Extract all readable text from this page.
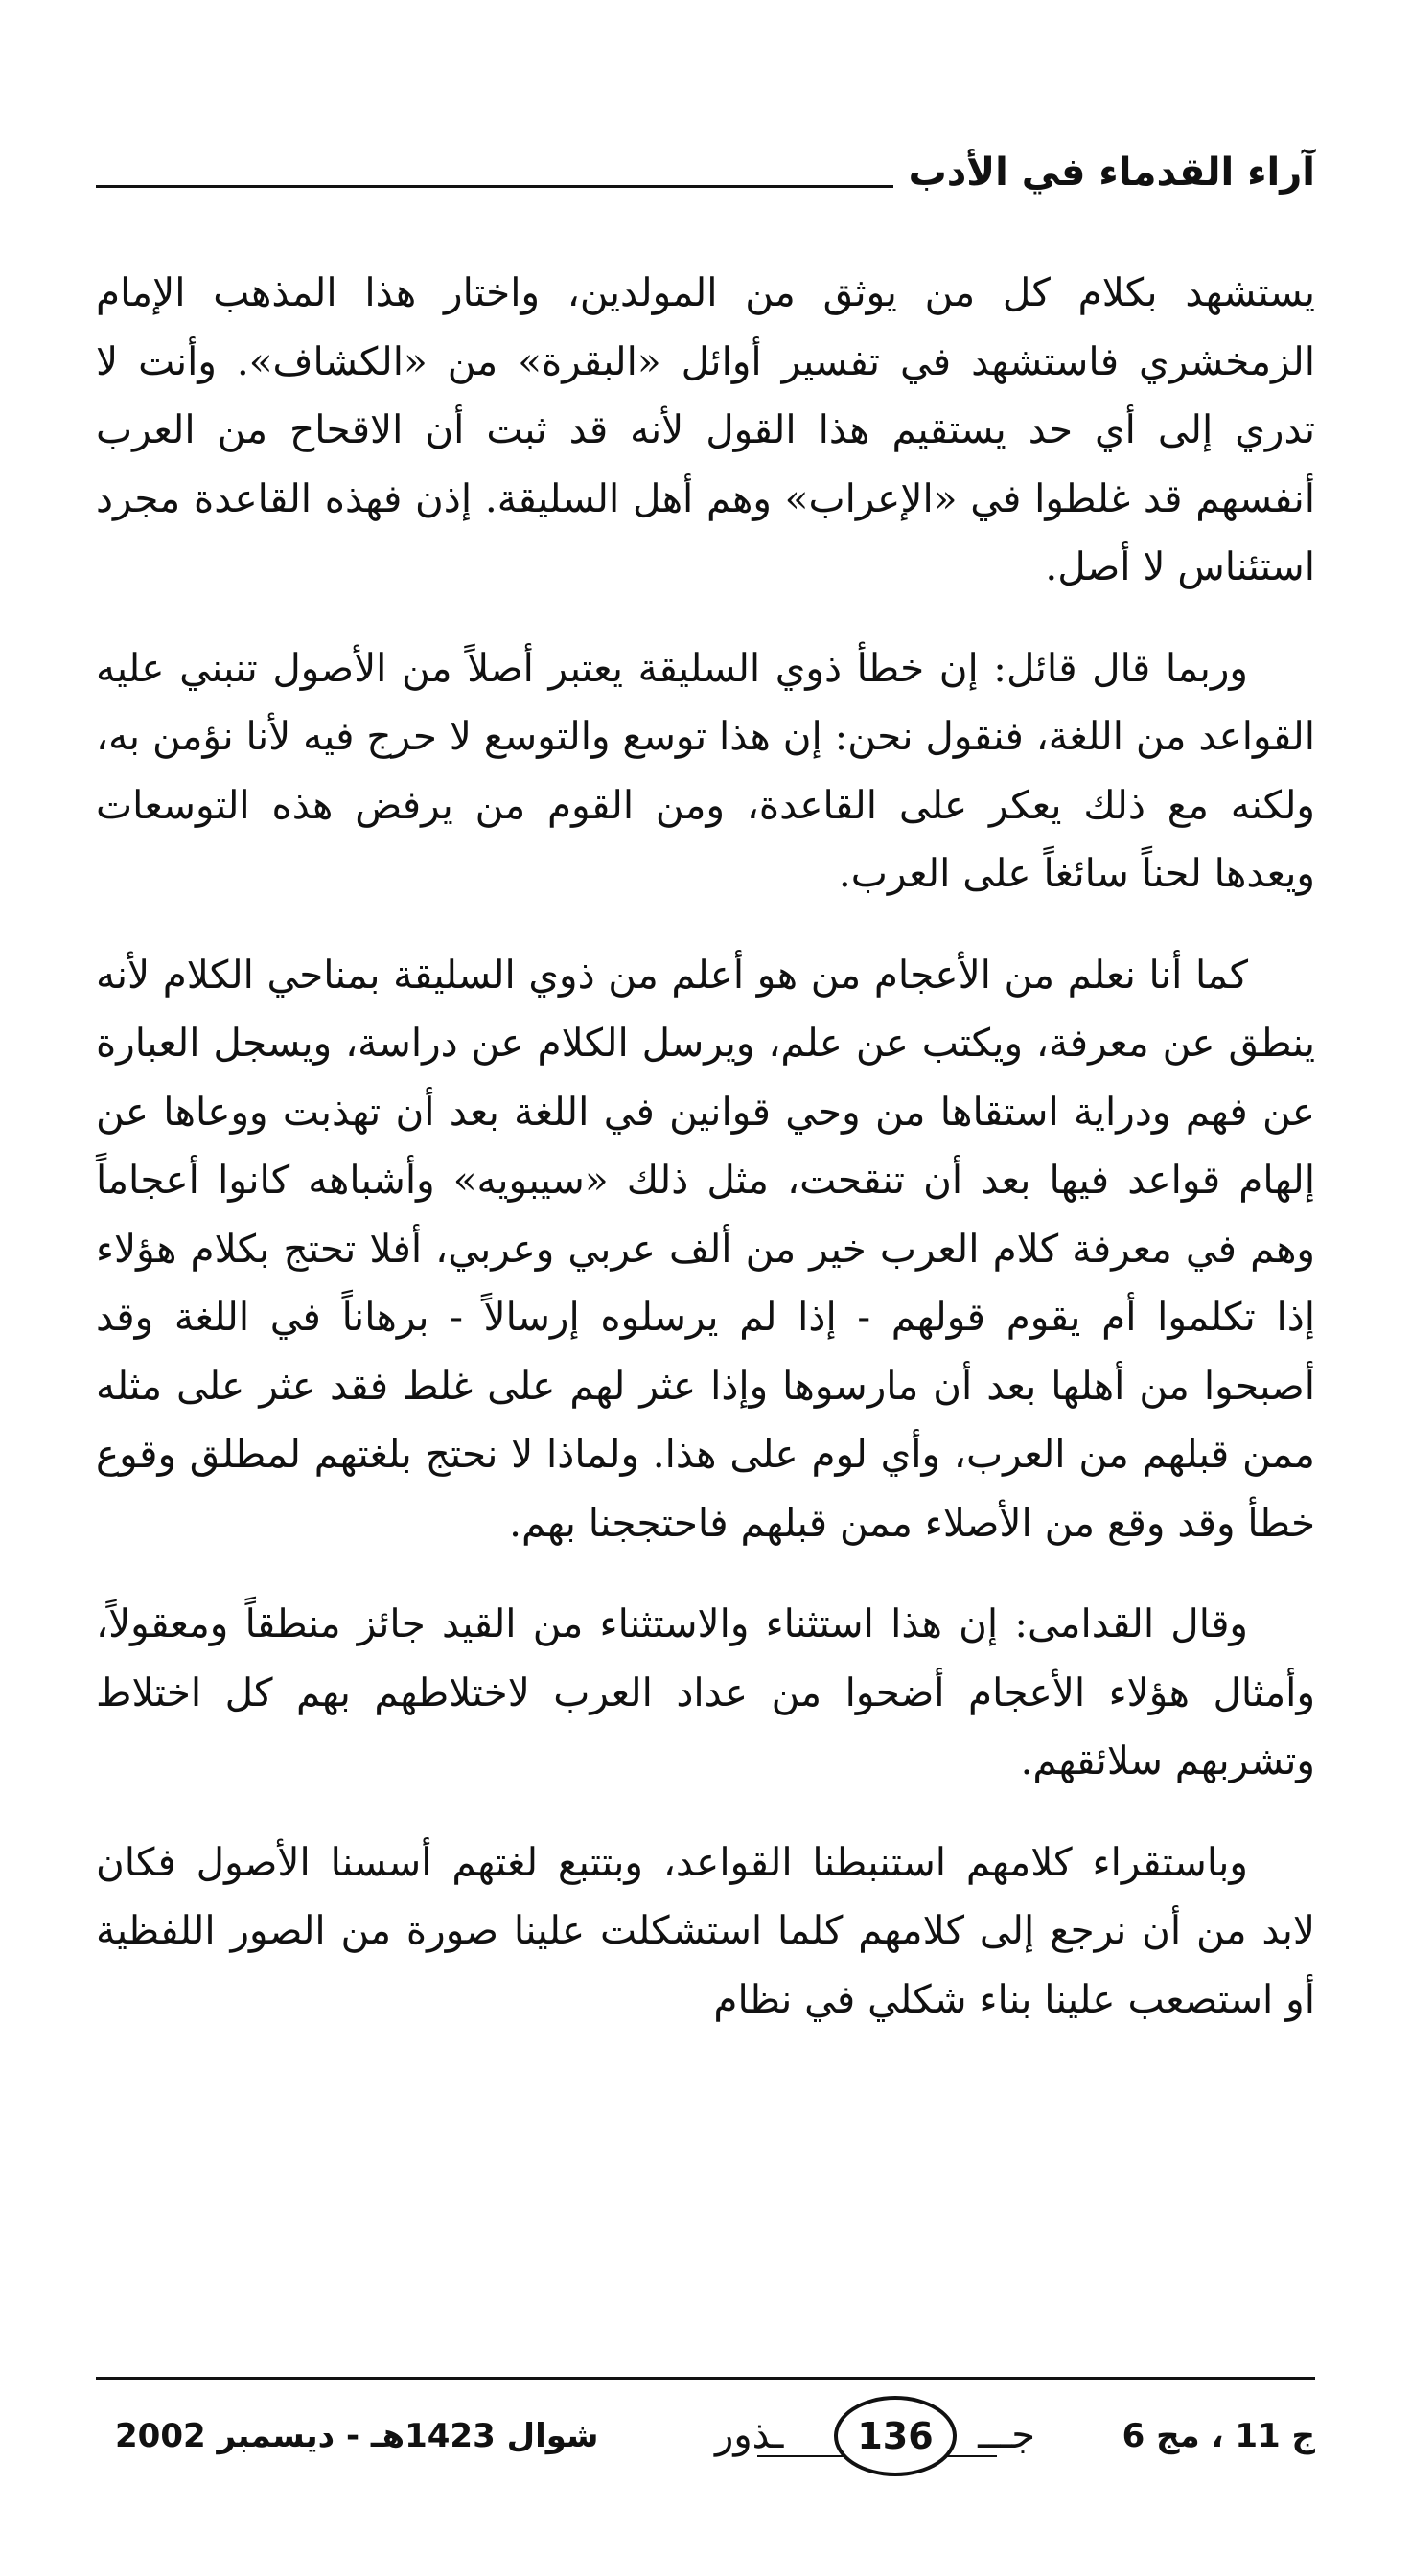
آراء القدماء في الأدب

يستشهد بكلام كل من يوثق من المولدين، واختار هذا المذهب الإمام الزمخشري فاستشهد في تفسير أوائل «البقرة» من «الكشاف». وأنت لا تدري إلى أي حد يستقيم هذا القول لأنه قد ثبت أن الاقحاح من العرب أنفسهم قد غلطوا في «الإعراب» وهم أهل السليقة. إذن فهذه القاعدة مجرد استئناس لا أصل.

وربما قال قائل: إن خطأ ذوي السليقة يعتبر أصلاً من الأصول تنبني عليه القواعد من اللغة، فنقول نحن: إن هذا توسع والتوسع لا حرج فيه لأنا نؤمن به، ولكنه مع ذلك يعكر على القاعدة، ومن القوم من يرفض هذه التوسعات ويعدها لحناً سائغاً على العرب.

كما أنا نعلم من الأعجام من هو أعلم من ذوي السليقة بمناحي الكلام لأنه ينطق عن معرفة، ويكتب عن علم، ويرسل الكلام عن دراسة، ويسجل العبارة عن فهم ودراية استقاها من وحي قوانين في اللغة بعد أن تهذبت ووعاها عن إلهام قواعد فيها بعد أن تنقحت، مثل ذلك «سيبويه» وأشباهه كانوا أعجاماً وهم في معرفة كلام العرب خير من ألف عربي وعربي، أفلا تحتج بكلام هؤلاء إذا تكلموا أم يقوم قولهم - إذا لم يرسلوه إرسالاً - برهاناً في اللغة وقد أصبحوا من أهلها بعد أن مارسوها وإذا عثر لهم على غلط فقد عثر على مثله ممن قبلهم من العرب، وأي لوم على هذا. ولماذا لا نحتج بلغتهم لمطلق وقوع خطأ وقد وقع من الأصلاء ممن قبلهم فاحتججنا بهم.

وقال القدامى: إن هذا استثناء والاستثناء من القيد جائز منطقاً ومعقولاً، وأمثال هؤلاء الأعجام أضحوا من عداد العرب لاختلاطهم بهم كل اختلاط وتشربهم سلائقهم.

وباستقراء كلامهم استنبطنا القواعد، وبتتبع لغتهم أسسنا الأصول فكان لابد من أن نرجع إلى كلامهم كلما استشكلت علينا صورة من الصور اللفظية أو استصعب علينا بناء شكلي في نظام

ج 11 ، مج 6
جـــ
136
ـذور
شوال 1423هـ - ديسمبر 2002
